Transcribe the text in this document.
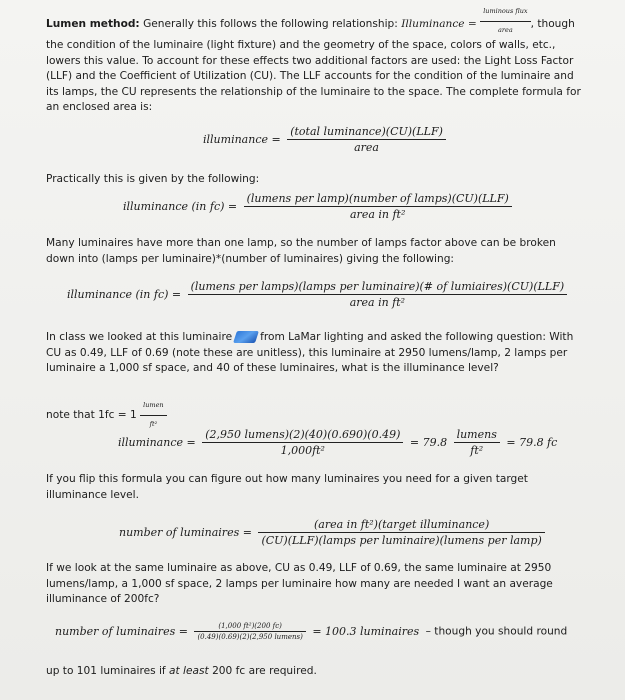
Lumen method: Generally this follows the following relationship: Illuminance = $\frac{\text{luminous flux}}{\text{area}}$ , though the condition of the luminaire (light fixture) and the geometry of the space, colors of walls, etc., lowers this value. To account for these effects two additional factors are used: the Light Loss Factor (LLF) and the Coefficient of Utilization (CU). The LLF accounts for the condition of the luminaire and its lamps, the CU represents the relationship of the luminaire to the space. The complete formula for an enclosed area is:
illuminance = $\frac{\text{(total luminance)(CU)(LLF)}}{\text{area}}$
Practically this is given by the following:
illuminance (in $fc) = \frac{\text{(lumens per lamp)(number of lamps)(CU)(LLF)}}{\text{area in ft²}}$
Many luminaires have more than one lamp, so the number of lamps factor above can be broken down into (lamps per luminaire)*(number of luminaires) giving the following:
illuminance (in fc) =
(lumens per lamps)(lamps per luminaire)(# of lumiaires)(CU)(LLF)
area in ft²
In class we looked at this luminaire	from LaMar lighting and asked the following question: With CU as 0.49, LLF of 0.69 (note these are unitless), this luminaire at 2950 lumens/lamp, 2 lamps per luminaire a 1,000 sf space, and 40 of these luminaires, what is the illuminance level?
note that $1fc = 1 \frac{\text{lumen}}{\text{ft²}}$
illuminance = $\frac{\text{(2,950 lumens)(2)(40)(0.690)(0.49)}}{\text{1,000ft²}} = 79.8 \frac{\text{lumens}}{\text{ft²}} = 79.8$ fc
If you flip this formula you can figure out how many luminaires you need for a given target illuminance level.
number of luminaires = $\frac{\text{(area in ft²)(target illuminance)}}{\text{(CU)(LLF)(lamps per luminaire)(lumens per lamp)}}$
If we look at the same luminaire as above, CU as 0.49, LLF of 0.69, the same luminaire at 2950 lumens/lamp, a 1,000 sf space, 2 lamps per luminaire how many are needed I want an average illuminance of 200fc?
number of luminaires = $\frac{\text{(1,000 ft²)(200 fc)}}{\text{(0.49)(0.69)(2)(2,950 lumens)}} = 100.3$ luminaires – though you should round
up to 101 luminaires if at least 200 fc are required.
